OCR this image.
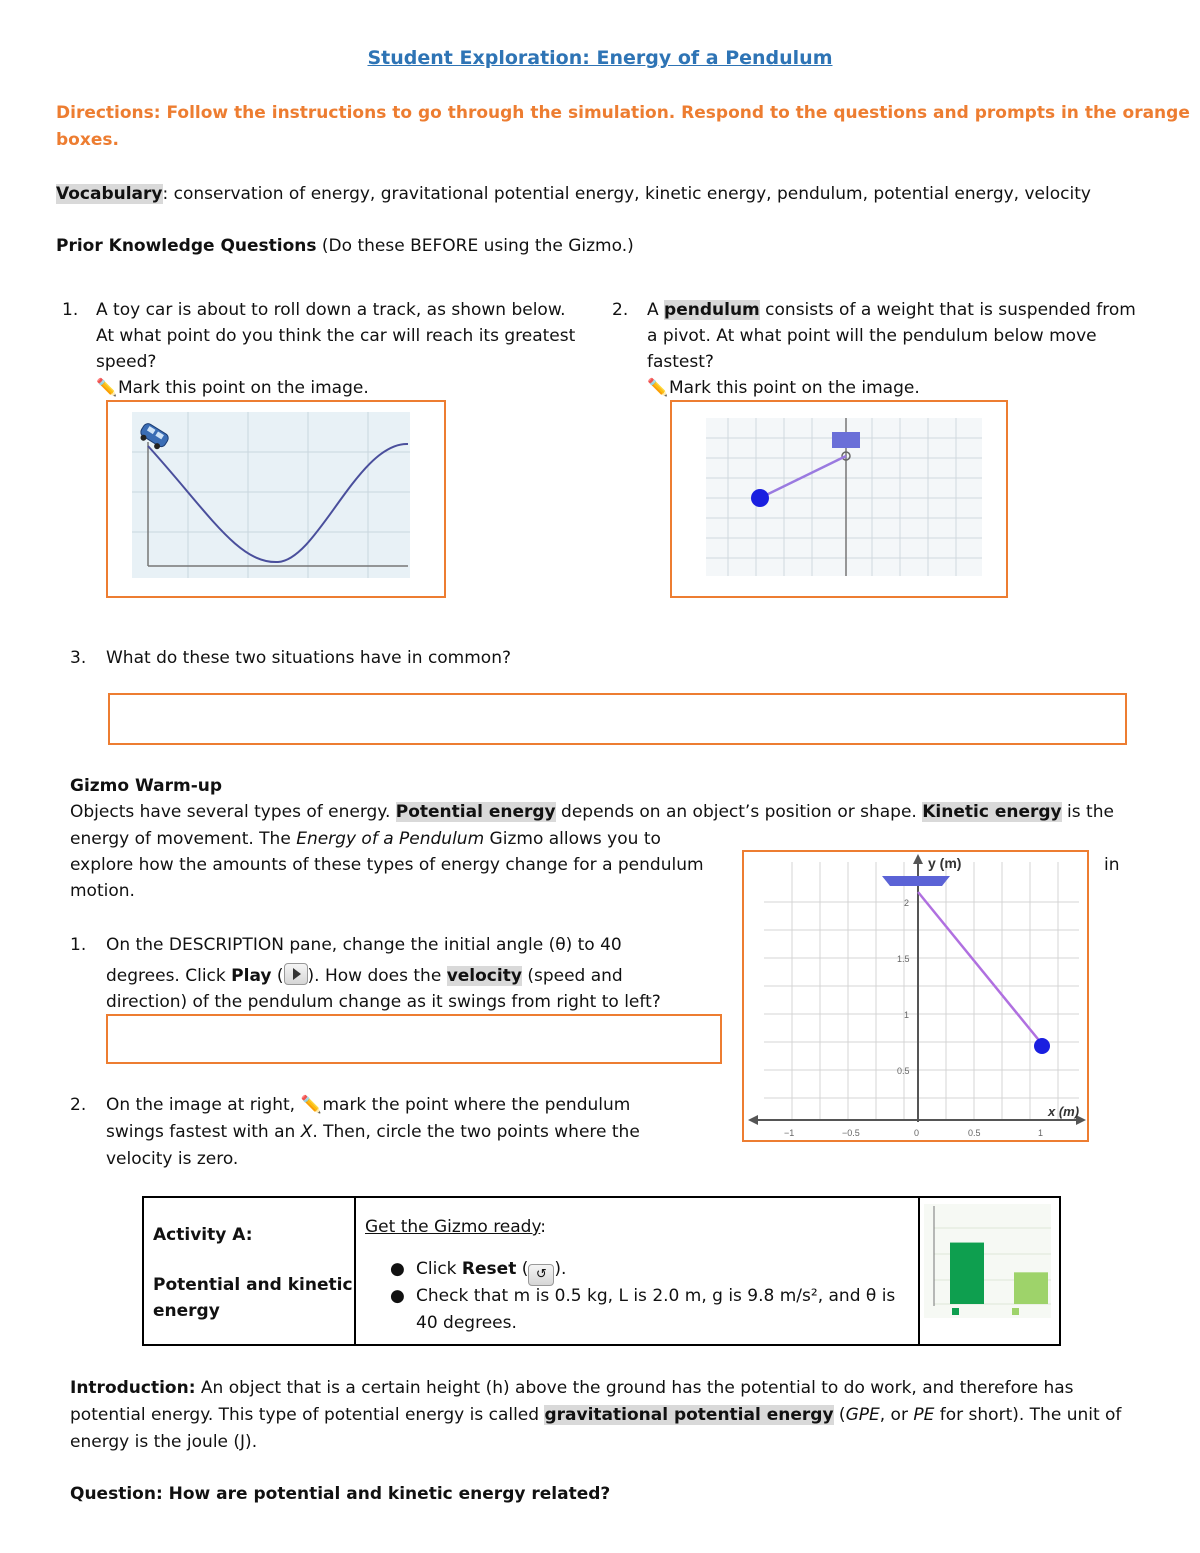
Student Exploration: Energy of a Pendulum
Directions: Follow the instructions to go through the simulation. Respond to the questions and prompts in the orange
boxes.
Vocabulary: conservation of energy, gravitational potential energy, kinetic energy, pendulum, potential energy, velocity
Prior Knowledge Questions (Do these BEFORE using the Gizmo.)
1. A toy car is about to roll down a track, as shown below.
At what point do you think the car will reach its greatest
speed?
✏️Mark this point on the image.
2. A pendulum consists of a weight that is suspended from
a pivot. At what point will the pendulum below move
fastest?
✏️Mark this point on the image.
3. What do these two situations have in common?
Gizmo Warm-up
Objects have several types of energy. Potential energy depends on an object’s position or shape. Kinetic energy is the
energy of movement. The Energy of a Pendulum Gizmo allows you to
explore how the amounts of these types of energy change for a pendulum	in
motion.
y (m)
x (m)
2
1.5
1
0.5
−1	−0.5	0	0.5	1
1. On the DESCRIPTION pane, change the initial angle (θ) to 40
degrees. Click Play ( ). How does the velocity (speed and
direction) of the pendulum change as it swings from right to left?
2. On the image at right, ✏️mark the point where the pendulum
swings fastest with an X. Then, circle the two points where the
velocity is zero.
Activity A:
Potential and kinetic
energy

Get the Gizmo ready:
● Click Reset ( ↺ ).
● Check that m is 0.5 kg, L is 2.0 m, g is 9.8 m/s², and θ is
40 degrees.

Introduction: An object that is a certain height (h) above the ground has the potential to do work, and therefore has
potential energy. This type of potential energy is called gravitational potential energy (GPE, or PE for short). The unit of
energy is the joule (J).
Question: How are potential and kinetic energy related?
